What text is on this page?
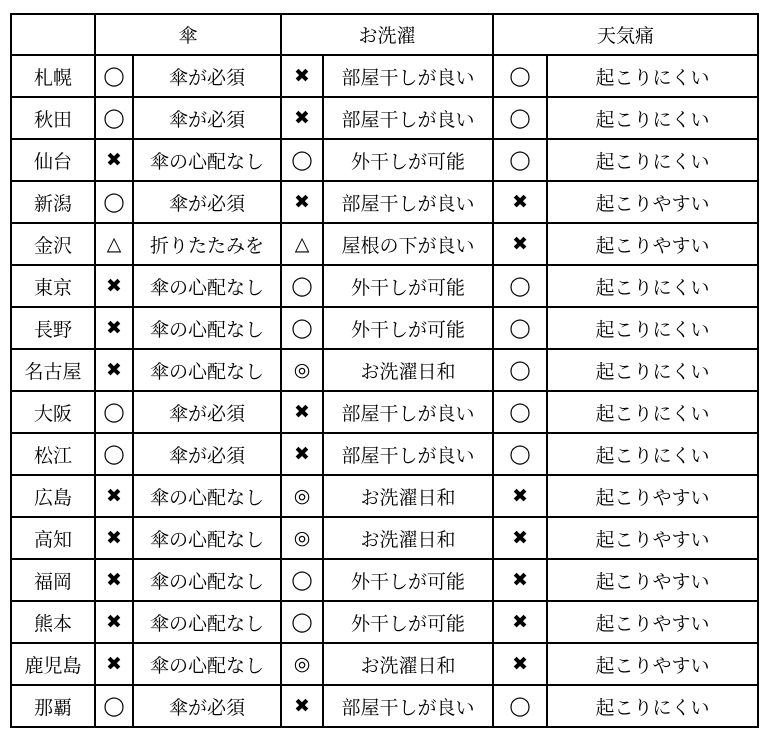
	傘		お洗濯		天気痛	
札幌	◯	傘が必須	✖	部屋干しが良い	◯	起こりにくい
秋田	◯	傘が必須	✖	部屋干しが良い	◯	起こりにくい
仙台	✖	傘の心配なし	◯	外干しが可能	◯	起こりにくい
新潟	◯	傘が必須	✖	部屋干しが良い	✖	起こりやすい
金沢	△	折りたたみを	△	屋根の下が良い	✖	起こりやすい
東京	✖	傘の心配なし	◯	外干しが可能	◯	起こりにくい
長野	✖	傘の心配なし	◯	外干しが可能	◯	起こりにくい
名古屋	✖	傘の心配なし	◎	お洗濯日和	◯	起こりにくい
大阪	◯	傘が必須	✖	部屋干しが良い	◯	起こりにくい
松江	◯	傘が必須	✖	部屋干しが良い	◯	起こりにくい
広島	✖	傘の心配なし	◎	お洗濯日和	✖	起こりやすい
高知	✖	傘の心配なし	◎	お洗濯日和	✖	起こりやすい
福岡	✖	傘の心配なし	◯	外干しが可能	✖	起こりやすい
熊本	✖	傘の心配なし	◯	外干しが可能	✖	起こりやすい
鹿児島	✖	傘の心配なし	◎	お洗濯日和	✖	起こりやすい
那覇	◯	傘が必須	✖	部屋干しが良い	◯	起こりにくい
